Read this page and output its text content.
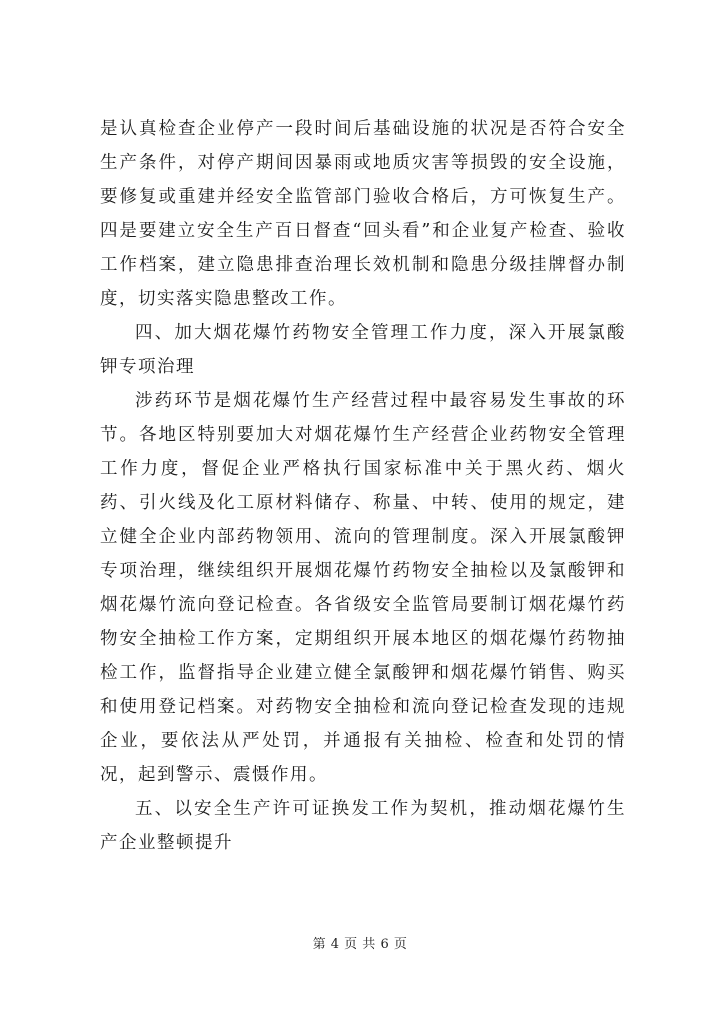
是认真检查企业停产一段时间后基础设施的状况是否符合安全生产条件，对停产期间因暴雨或地质灾害等损毁的安全设施，要修复或重建并经安全监管部门验收合格后，方可恢复生产。四是要建立安全生产百日督查“回头看”和企业复产检查、验收工作档案，建立隐患排查治理长效机制和隐患分级挂牌督办制度，切实落实隐患整改工作。

四、加大烟花爆竹药物安全管理工作力度，深入开展氯酸钾专项治理

涉药环节是烟花爆竹生产经营过程中最容易发生事故的环节。各地区特别要加大对烟花爆竹生产经营企业药物安全管理工作力度，督促企业严格执行国家标准中关于黑火药、烟火药、引火线及化工原材料储存、称量、中转、使用的规定，建立健全企业内部药物领用、流向的管理制度。深入开展氯酸钾专项治理，继续组织开展烟花爆竹药物安全抽检以及氯酸钾和烟花爆竹流向登记检查。各省级安全监管局要制订烟花爆竹药物安全抽检工作方案，定期组织开展本地区的烟花爆竹药物抽检工作，监督指导企业建立健全氯酸钾和烟花爆竹销售、购买和使用登记档案。对药物安全抽检和流向登记检查发现的违规企业，要依法从严处罚，并通报有关抽检、检查和处罚的情况，起到警示、震慑作用。

五、以安全生产许可证换发工作为契机，推动烟花爆竹生产企业整顿提升

第 4 页 共 6 页
